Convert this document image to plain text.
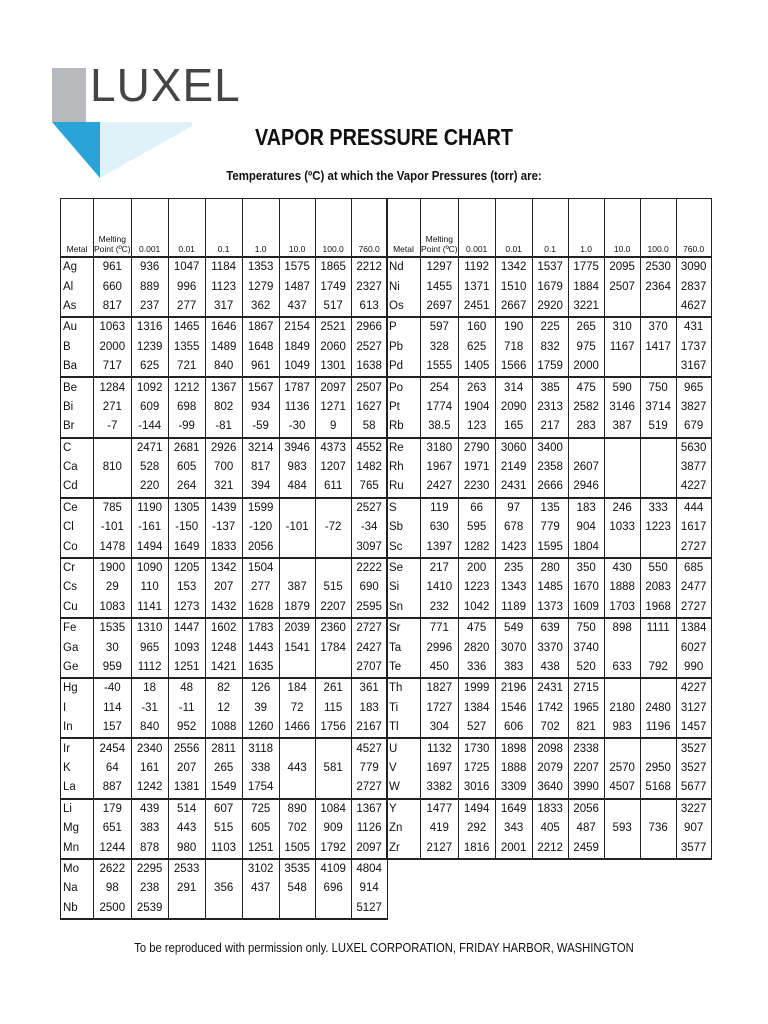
LUXEL
VAPOR PRESSURE CHART
Temperatures (ºC) at which the Vapor Pressures (torr) are:
Metal	Melting
Point (ºC)	0.001	0.01	0.1	1.0	10.0	100.0	760.0
Ag	961	936	1047	1184	1353	1575	1865	2212
Al	660	889	996	1123	1279	1487	1749	2327
As	817	237	277	317	362	437	517	613
Au	1063	1316	1465	1646	1867	2154	2521	2966
B	2000	1239	1355	1489	1648	1849	2060	2527
Ba	717	625	721	840	961	1049	1301	1638
Be	1284	1092	1212	1367	1567	1787	2097	2507
Bi	271	609	698	802	934	1136	1271	1627
Br	-7	-144	-99	-81	-59	-30	9	58
C		2471	2681	2926	3214	3946	4373	4552
Ca	810	528	605	700	817	983	1207	1482
Cd		220	264	321	394	484	611	765
Ce	785	1190	1305	1439	1599			2527
Cl	-101	-161	-150	-137	-120	-101	-72	-34
Co	1478	1494	1649	1833	2056			3097
Cr	1900	1090	1205	1342	1504			2222
Cs	29	110	153	207	277	387	515	690
Cu	1083	1141	1273	1432	1628	1879	2207	2595
Fe	1535	1310	1447	1602	1783	2039	2360	2727
Ga	30	965	1093	1248	1443	1541	1784	2427
Ge	959	1112	1251	1421	1635			2707
Hg	-40	18	48	82	126	184	261	361
I	114	-31	-11	12	39	72	115	183
In	157	840	952	1088	1260	1466	1756	2167
Ir	2454	2340	2556	2811	3118			4527
K	64	161	207	265	338	443	581	779
La	887	1242	1381	1549	1754			2727
Li	179	439	514	607	725	890	1084	1367
Mg	651	383	443	515	605	702	909	1126
Mn	1244	878	980	1103	1251	1505	1792	2097
Mo	2622	2295	2533		3102	3535	4109	4804
Na	98	238	291	356	437	548	696	914
Nb	2500	2539						5127
Metal	Melting
Point (ºC)	0.001	0.01	0.1	1.0	10.0	100.0	760.0
Nd	1297	1192	1342	1537	1775	2095	2530	3090
Ni	1455	1371	1510	1679	1884	2507	2364	2837
Os	2697	2451	2667	2920	3221			4627
P	597	160	190	225	265	310	370	431
Pb	328	625	718	832	975	1167	1417	1737
Pd	1555	1405	1566	1759	2000			3167
Po	254	263	314	385	475	590	750	965
Pt	1774	1904	2090	2313	2582	3146	3714	3827
Rb	38.5	123	165	217	283	387	519	679
Re	3180	2790	3060	3400				5630
Rh	1967	1971	2149	2358	2607			3877
Ru	2427	2230	2431	2666	2946			4227
S	119	66	97	135	183	246	333	444
Sb	630	595	678	779	904	1033	1223	1617
Sc	1397	1282	1423	1595	1804			2727
Se	217	200	235	280	350	430	550	685
Si	1410	1223	1343	1485	1670	1888	2083	2477
Sn	232	1042	1189	1373	1609	1703	1968	2727
Sr	771	475	549	639	750	898	1111	1384
Ta	2996	2820	3070	3370	3740			6027
Te	450	336	383	438	520	633	792	990
Th	1827	1999	2196	2431	2715			4227
Ti	1727	1384	1546	1742	1965	2180	2480	3127
Tl	304	527	606	702	821	983	1196	1457
U	1132	1730	1898	2098	2338			3527
V	1697	1725	1888	2079	2207	2570	2950	3527
W	3382	3016	3309	3640	3990	4507	5168	5677
Y	1477	1494	1649	1833	2056			3227
Zn	419	292	343	405	487	593	736	907
Zr	2127	1816	2001	2212	2459			3577
To be reproduced with permission only. LUXEL CORPORATION, FRIDAY HARBOR, WASHINGTON
